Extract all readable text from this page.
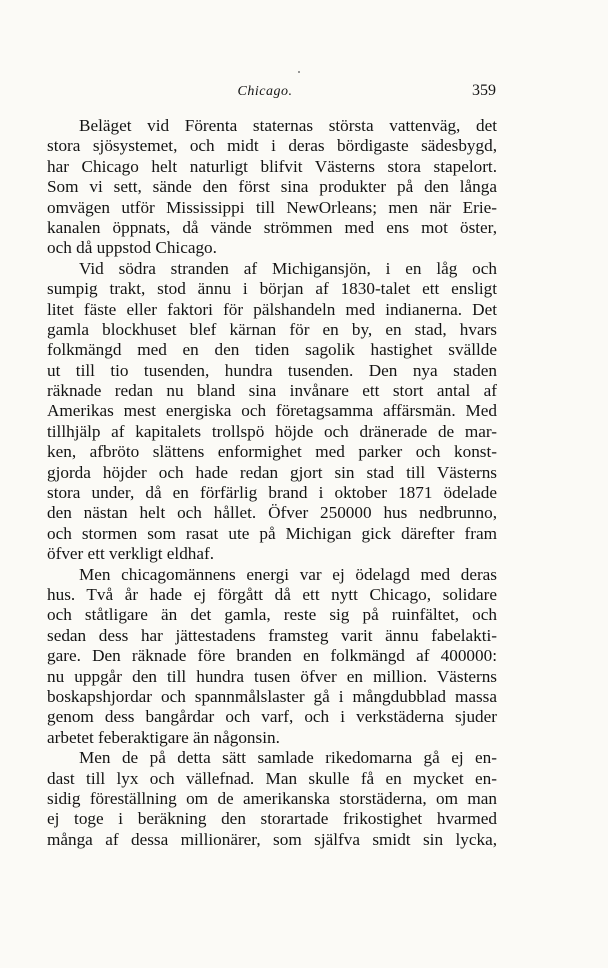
Chicago.	359
Beläget vid Förenta staternas största vattenväg, det
stora sjösystemet, och midt i deras bördigaste sädesbygd,
har Chicago helt naturligt blifvit Västerns stora stapelort.
Som vi sett, sände den först sina produkter på den långa
omvägen utför Mississippi till NewOrleans; men när Erie-
kanalen öppnats, då vände strömmen med ens mot öster,
och då uppstod Chicago.
Vid södra stranden af Michigansjön, i en låg och
sumpig trakt, stod ännu i början af 1830-talet ett ensligt
litet fäste eller faktori för pälshandeln med indianerna. Det
gamla blockhuset blef kärnan för en by, en stad, hvars
folkmängd med en den tiden sagolik hastighet svällde
ut till tio tusenden, hundra tusenden. Den nya staden
räknade redan nu bland sina invånare ett stort antal af
Amerikas mest energiska och företagsamma affärsmän. Med
tillhjälp af kapitalets trollspö höjde och dränerade de mar-
ken, afbröto slättens enformighet med parker och konst-
gjorda höjder och hade redan gjort sin stad till Västerns
stora under, då en förfärlig brand i oktober 1871 ödelade
den nästan helt och hållet. Öfver 250000 hus nedbrunno,
och stormen som rasat ute på Michigan gick därefter fram
öfver ett verkligt eldhaf.
Men chicagomännens energi var ej ödelagd med deras
hus. Två år hade ej förgått då ett nytt Chicago, solidare
och ståtligare än det gamla, reste sig på ruinfältet, och
sedan dess har jättestadens framsteg varit ännu fabelakti-
gare. Den räknade före branden en folkmängd af 400000:
nu uppgår den till hundra tusen öfver en million. Västerns
boskapshjordar och spannmålslaster gå i mångdubblad massa
genom dess bangårdar och varf, och i verkstäderna sjuder
arbetet feberaktigare än någonsin.
Men de på detta sätt samlade rikedomarna gå ej en-
dast till lyx och vällefnad. Man skulle få en mycket en-
sidig föreställning om de amerikanska storstäderna, om man
ej toge i beräkning den storartade frikostighet hvarmed
många af dessa millionärer, som själfva smidt sin lycka,
